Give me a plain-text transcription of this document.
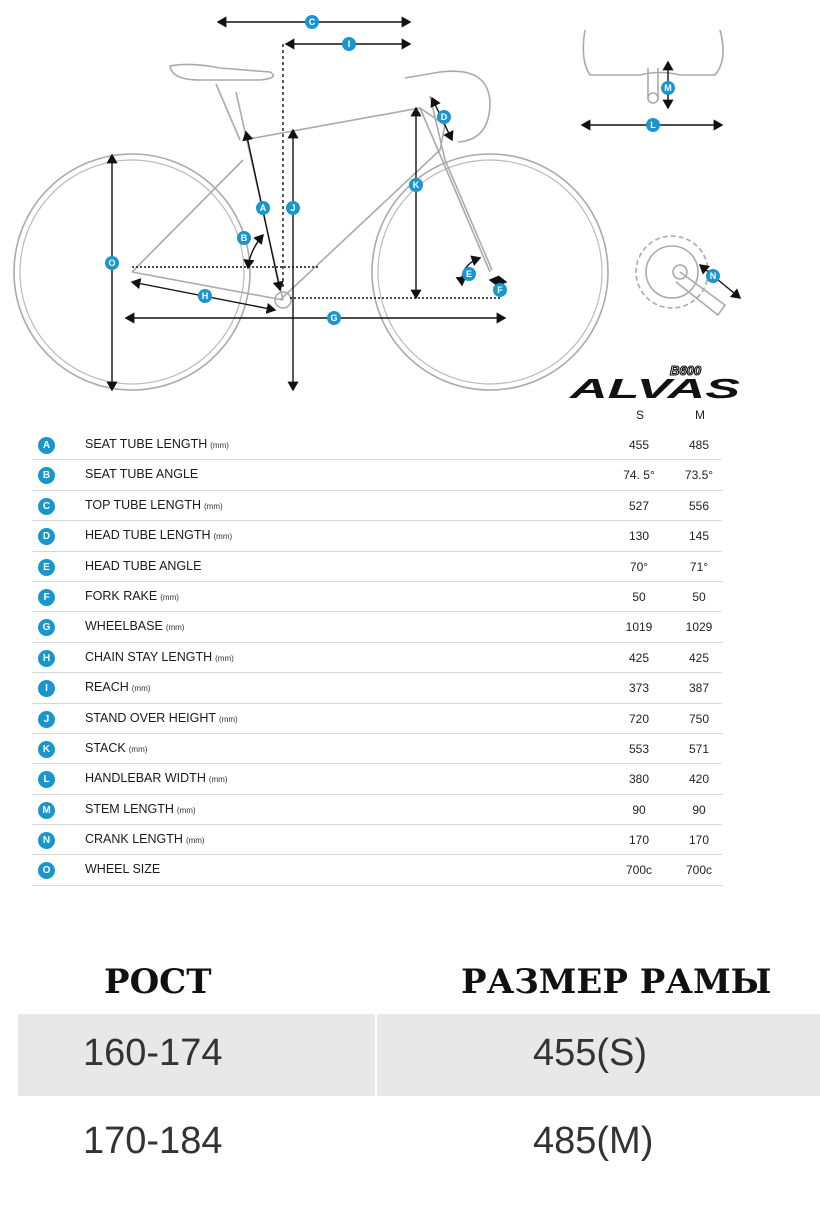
C
I
M
L
D
K
A	J
B
O
E
F
H
G
N
B600
ALVAS
S	M
A	SEAT TUBE LENGTH (mm)	455	485
B	SEAT TUBE ANGLE	74. 5°	73.5°
C	TOP TUBE LENGTH (mm)	527	556
D	HEAD TUBE LENGTH (mm)	130	145
E	HEAD TUBE ANGLE	70°	71°
F	FORK RAKE (mm)	50	50
G	WHEELBASE (mm)	1019	1029
H	CHAIN STAY LENGTH (mm)	425	425
I	REACH (mm)	373	387
J	STAND OVER HEIGHT (mm)	720	750
K	STACK (mm)	553	571
L	HANDLEBAR WIDTH (mm)	380	420
M	STEM LENGTH (mm)	90	90
N	CRANK LENGTH (mm)	170	170
O	WHEEL SIZE	700c	700c
РОСТ	РАЗМЕР РАМЫ
160-174	455(S)
170-184	485(M)
